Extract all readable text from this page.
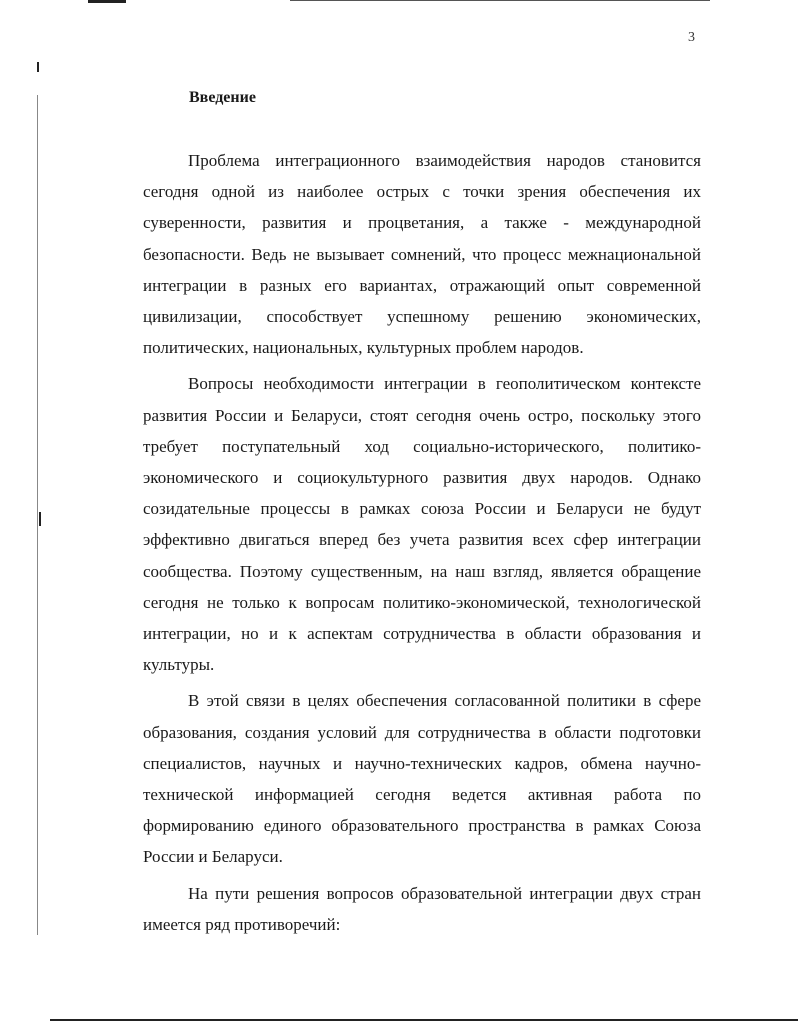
3
Введение

Проблема интеграционного взаимодействия народов становится сегодня одной из наиболее острых с точки зрения обеспечения их суверенности, развития и процветания, а также - международной безопасности. Ведь не вызывает сомнений, что процесс межнациональной интеграции в разных его вариантах, отражающий опыт современной цивилизации, способствует успешному решению экономических, политических, национальных, культурных проблем народов.

Вопросы необходимости интеграции в геополитическом контексте развития России и Беларуси, стоят сегодня очень остро, поскольку этого требует поступательный ход социально-исторического, политико-экономического и социокультурного развития двух народов. Однако созидательные процессы в рамках союза России и Беларуси не будут эффективно двигаться вперед без учета развития всех сфер интеграции сообщества. Поэтому существенным, на наш взгляд, является обращение сегодня не только к вопросам политико-экономической, технологической интеграции, но и к аспектам сотрудничества в области образования и культуры.

В этой связи в целях обеспечения согласованной политики в сфере образования, создания условий для сотрудничества в области подготовки специалистов, научных и научно-технических кадров, обмена научно-технической информацией сегодня ведется активная работа по формированию единого образовательного пространства в рамках Союза России и Беларуси.

На пути решения вопросов образовательной интеграции двух стран имеется ряд противоречий:
